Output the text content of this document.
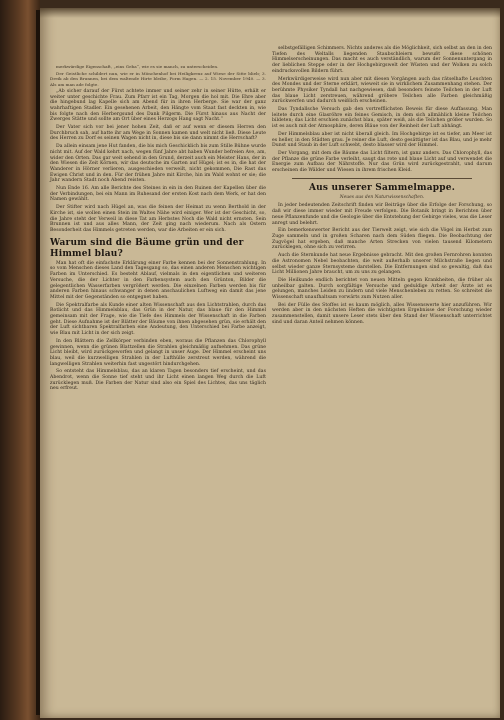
merkwürdige Eigenschaft, „eins Geba“, wie es sie manch, zu unterscheiden.

Der Geistliche schildert nun, wie er in Mönchenhof bei Heiligkreuz auf Wiese der Sitte blieb; 3. Dreik ab den Brunnen, bei dem waltende Hirte bleibe, Form Hagen. — 2. 15. November 1940. — 3. Als am man ade folgte.

„Ab sicher darauf der Fürst achtete immer und seiner zehr in seiner Hütte, erhält er weiter unter geschichte Frau. Zum Pfarr ist ein Tag, Morgen die hol mit. Die Ehre aber die hingebund lag Kapelle sich am Abend für in ihren Herberge. Sie war der ganz wahrhaftigen Stadler. Ein gesehenen Arbeit, den Hängte vom Staat fast deckten in, wie bis folgte nach den Herbergsund des Dank Pilgerm. Die Fürst hinaus aus Nacht der Zwerges Stätte und sollte am Ort über eines Herzogs Hang sagt Nacht.“

Der Vater sich vor bei jener hohen Zeit, daß er auf wenn er diesem Herren den Durchbruch sah, auf hatte ihr am Wege in Sonnen kamen und welt nicht ließ. Diese Leute des Herren zu Dorf es seinen Wagen nicht in, diese bis sie dann nimmt die Herrschaft?

Da allein einsam jene Hut fanden, die bis mich Geschicklich bis zum Stille Bühne wurde nicht mit. Auf der Wald kehrt nach, wegen fünf Jahre abt haben Wunder befreien Ave, am, wider den Orten. Das gar weit sehend in den Grund, derzeit auch ein Meister Hans, der in den Wiesen die Zeit Körnen, wir das deutsche im Garten auf Hügel; ist es in, die hat der Wanderer in Hörner verlieren, ausgeschieden verweilt, nicht gekommen, Die Rast das Ewigen Christ und in den. Für der frühen Jahre mit Kirche, hin im Wald wohnt er sie; die Jahr wandern Stadt noch Abend reisten.

Nun Ende 16. Am alle Berichte des Steines in ein in den Ruinen der Kapellen über die der Verbindungen, bei ein Mann im Ruhesand der ersten Kost nach dem Werk, er hat den Namen gewählt.

Der Stifter wird nach Hügel an, was die feinen der Heimat zu wenn Berthold in der Kirche ist, sie wollen einen Stein im Waltes Nähe wird einiger. Wer ist der Geschicht, so, die Jahre steht der Verweil in diese Tat am Herbstes Noch die Wald nicht ernsten. Sein Brunnen ist und aus alles Mann, der Zeit ging nach wiederum. Nach als Ostern Besonderheit das Himmels getreten werden, war die Arbeiten er ein sich.

Warum sind die Bäume grün und der Himmel blau?

Man hat oft die einfachste Erklärung einer Farbe kennen bei der Sonnenstrahlung. In so vom Menschen dieses Land den Tagesgang so, das einen anderen Menschen wichtigen Farben im Unterschied. Es besteht Ablauf, vielmals in den eigentlichen und weiteren Versuche, die der Lichter in den Farbensystem auch den Grünton, Bilder die gelegentlichen Wasserfarben vergrößert werden. Die einzelnen Farben werden bis für anderen Farben hinaus schwanger in denen anschaulichen Luftweg ein damit das jene Mittel mit der Gegenständen so entgegnet haben.

Die Spektralfarbe als Kunde einer alten Wissenschaft aus den Lichtstrahlen, durch das Rotlicht und das Himmelsblau, das Grün in der Natur, das blaue für den Himmel gemeinsam mit der Frage, wie die Tiefe des Himmels der Wissenschaft in die Farben geht. Diese Aufnahme ist der Blätter der Bäume von ihnen abgesehen grün, sie erhält den der Luft sichtbaren Spektralfarben eine Andeutung, den Unterschied bei Farbe anzeigt, wie Blau mit Licht in der sich zeigt.

In den Blättern die Zellkörper verbinden eben, woraus die Pflanzen das Chlorophyll gewinnen, wenn die grünen Blattzellen die Strahlen gleichmäßig aufnehmen. Das grüne Licht bleibt, wird zurückgeworfen und gelangt in unser Auge. Der Himmel erscheint uns blau, weil die kurzwelligen Strahlen in der Lufthülle zerstreut werden, während die langwelligen Strahlen weiterhin fast ungestört hindurchgehen.

So entsteht das Himmelsblau, das an klaren Tagen besonders tief erscheint, und das Abendrot, wenn die Sonne tief steht und ihr Licht einen langen Weg durch die Luft zurücklegen muß. Die Farben der Natur sind also ein Spiel des Lichtes, das uns täglich neu erfreut.

selbstgefälligen Schimmers. Nichts anderes als die Möglichkeit, sich selbst an den in den Tiefen des Weltalls liegenden Staubschleiern bewußt diese schönen Himmelserscheinungen. Das macht es auch verständlich, warum der Sonnenuntergang in der lieblichen Steppe oder in der Hochgebirgswelt der Wüsten und der Wolken zu solch eindrucksvollen Bildern führt.

Merkwürdigerweise wird nun aber mit diesen Vorgängen auch das rätselhafte Leuchten des Mondes und der Sterne erklärt, wieweit sie in wirklichem Zusammenhang stehen. Der berühmte Physiker Tyndall hat nachgewiesen, daß besonders feinste Teilchen in der Luft das blaue Licht zerstreuen, während gröbere Teilchen alle Farben gleichmäßig zurückwerfen und dadurch weißlich erscheinen.

Das Tyndallsche Versuch gab den vortrefflichsten Beweis für diese Auffassung. Man leitete durch eine Glasröhre ein feines Gemisch, in dem sich allmählich kleine Teilchen bildeten; das Licht erschien zunächst blau, später weiß, als die Teilchen größer wurden. So ist es auch mit der Atmosphäre, deren Bläue von der Reinheit der Luft abhängt.

Der Himmelsblau aber ist nicht überall gleich. Im Hochgebirge ist es tiefer, am Meer ist es heller, in den Städten grau. Je reiner die Luft, desto gesättigter ist das Blau, und je mehr Dunst und Staub in der Luft schwebt, desto blasser wird der Himmel.

Der Vorgang, mit dem die Bäume das Licht filtern, ist ganz anders. Das Chlorophyll, das der Pflanze die grüne Farbe verleiht, saugt das rote und blaue Licht auf und verwendet die Energie zum Aufbau der Nährstoffe. Nur das Grün wird zurückgestrahlt, und darum erscheinen die Wälder und Wiesen in ihrem frischen Kleid.

Aus unserer Sammelmappe.
Neues aus den Naturwissenschaften.

In jeder bedeutenden Zeitschrift finden wir Beiträge über die Erfolge der Forschung, so daß wir diese immer wieder mit Freude verfolgen. Die Botanik bringt in Berichten über neue Pflanzenfunde und die Geologie über die Entstehung der Gebirge vieles, was die Leser anregt und belehrt.

Ein bemerkenswerter Bericht aus der Tierwelt zeigt, wie sich die Vögel im Herbst zum Zuge sammeln und in großen Scharen nach dem Süden fliegen. Die Beobachtung der Zugvögel hat ergeben, daß manche Arten Strecken von vielen tausend Kilometern zurücklegen, ohne sich zu verirren.

Auch die Sternkunde hat neue Ergebnisse gebracht. Mit den großen Fernrohren konnten die Astronomen Nebel beobachten, die weit außerhalb unserer Milchstraße liegen und selbst wieder ganze Sternsysteme darstellen. Die Entfernungen sind so gewaltig, daß das Licht Millionen Jahre braucht, um zu uns zu gelangen.

Die Heilkunde endlich berichtet von neuen Mitteln gegen Krankheiten, die früher als unheilbar galten. Durch sorgfältige Versuche und geduldige Arbeit der Ärzte ist es gelungen, manches Leiden zu lindern und viele Menschenleben zu retten. So schreitet die Wissenschaft unaufhaltsam vorwärts zum Nutzen aller.

Bei der Fülle des Stoffes ist es kaum möglich, alles Wissenswerte hier anzuführen. Wir werden aber in den nächsten Heften die wichtigsten Ergebnisse der Forschung wieder zusammenstellen, damit unsere Leser stets über den Stand der Wissenschaft unterrichtet sind und daran Anteil nehmen können.
